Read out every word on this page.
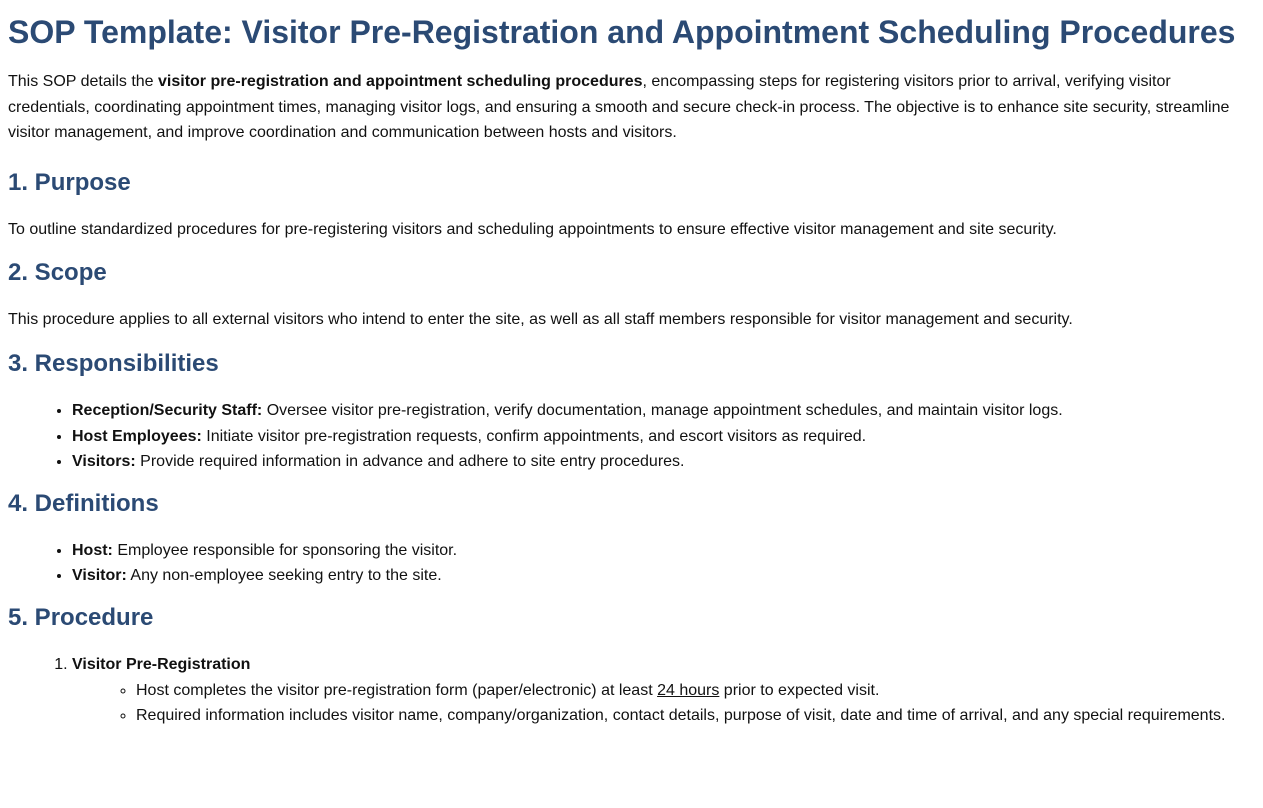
SOP Template: Visitor Pre-Registration and Appointment Scheduling Procedures

This SOP details the visitor pre-registration and appointment scheduling procedures, encompassing steps for registering visitors prior to arrival, verifying visitor credentials, coordinating appointment times, managing visitor logs, and ensuring a smooth and secure check-in process. The objective is to enhance site security, streamline visitor management, and improve coordination and communication between hosts and visitors.

1. Purpose

To outline standardized procedures for pre-registering visitors and scheduling appointments to ensure effective visitor management and site security.

2. Scope

This procedure applies to all external visitors who intend to enter the site, as well as all staff members responsible for visitor management and security.

3. Responsibilities
• Reception/Security Staff: Oversee visitor pre-registration, verify documentation, manage appointment schedules, and maintain visitor logs.
• Host Employees: Initiate visitor pre-registration requests, confirm appointments, and escort visitors as required.
• Visitors: Provide required information in advance and adhere to site entry procedures.
4. Definitions
• Host: Employee responsible for sponsoring the visitor.
• Visitor: Any non-employee seeking entry to the site.
5. Procedure
1. Visitor Pre-Registration
◦ Host completes the visitor pre-registration form (paper/electronic) at least 24 hours prior to expected visit.
◦ Required information includes visitor name, company/organization, contact details, purpose of visit, date and time of arrival, and any special requirements.
